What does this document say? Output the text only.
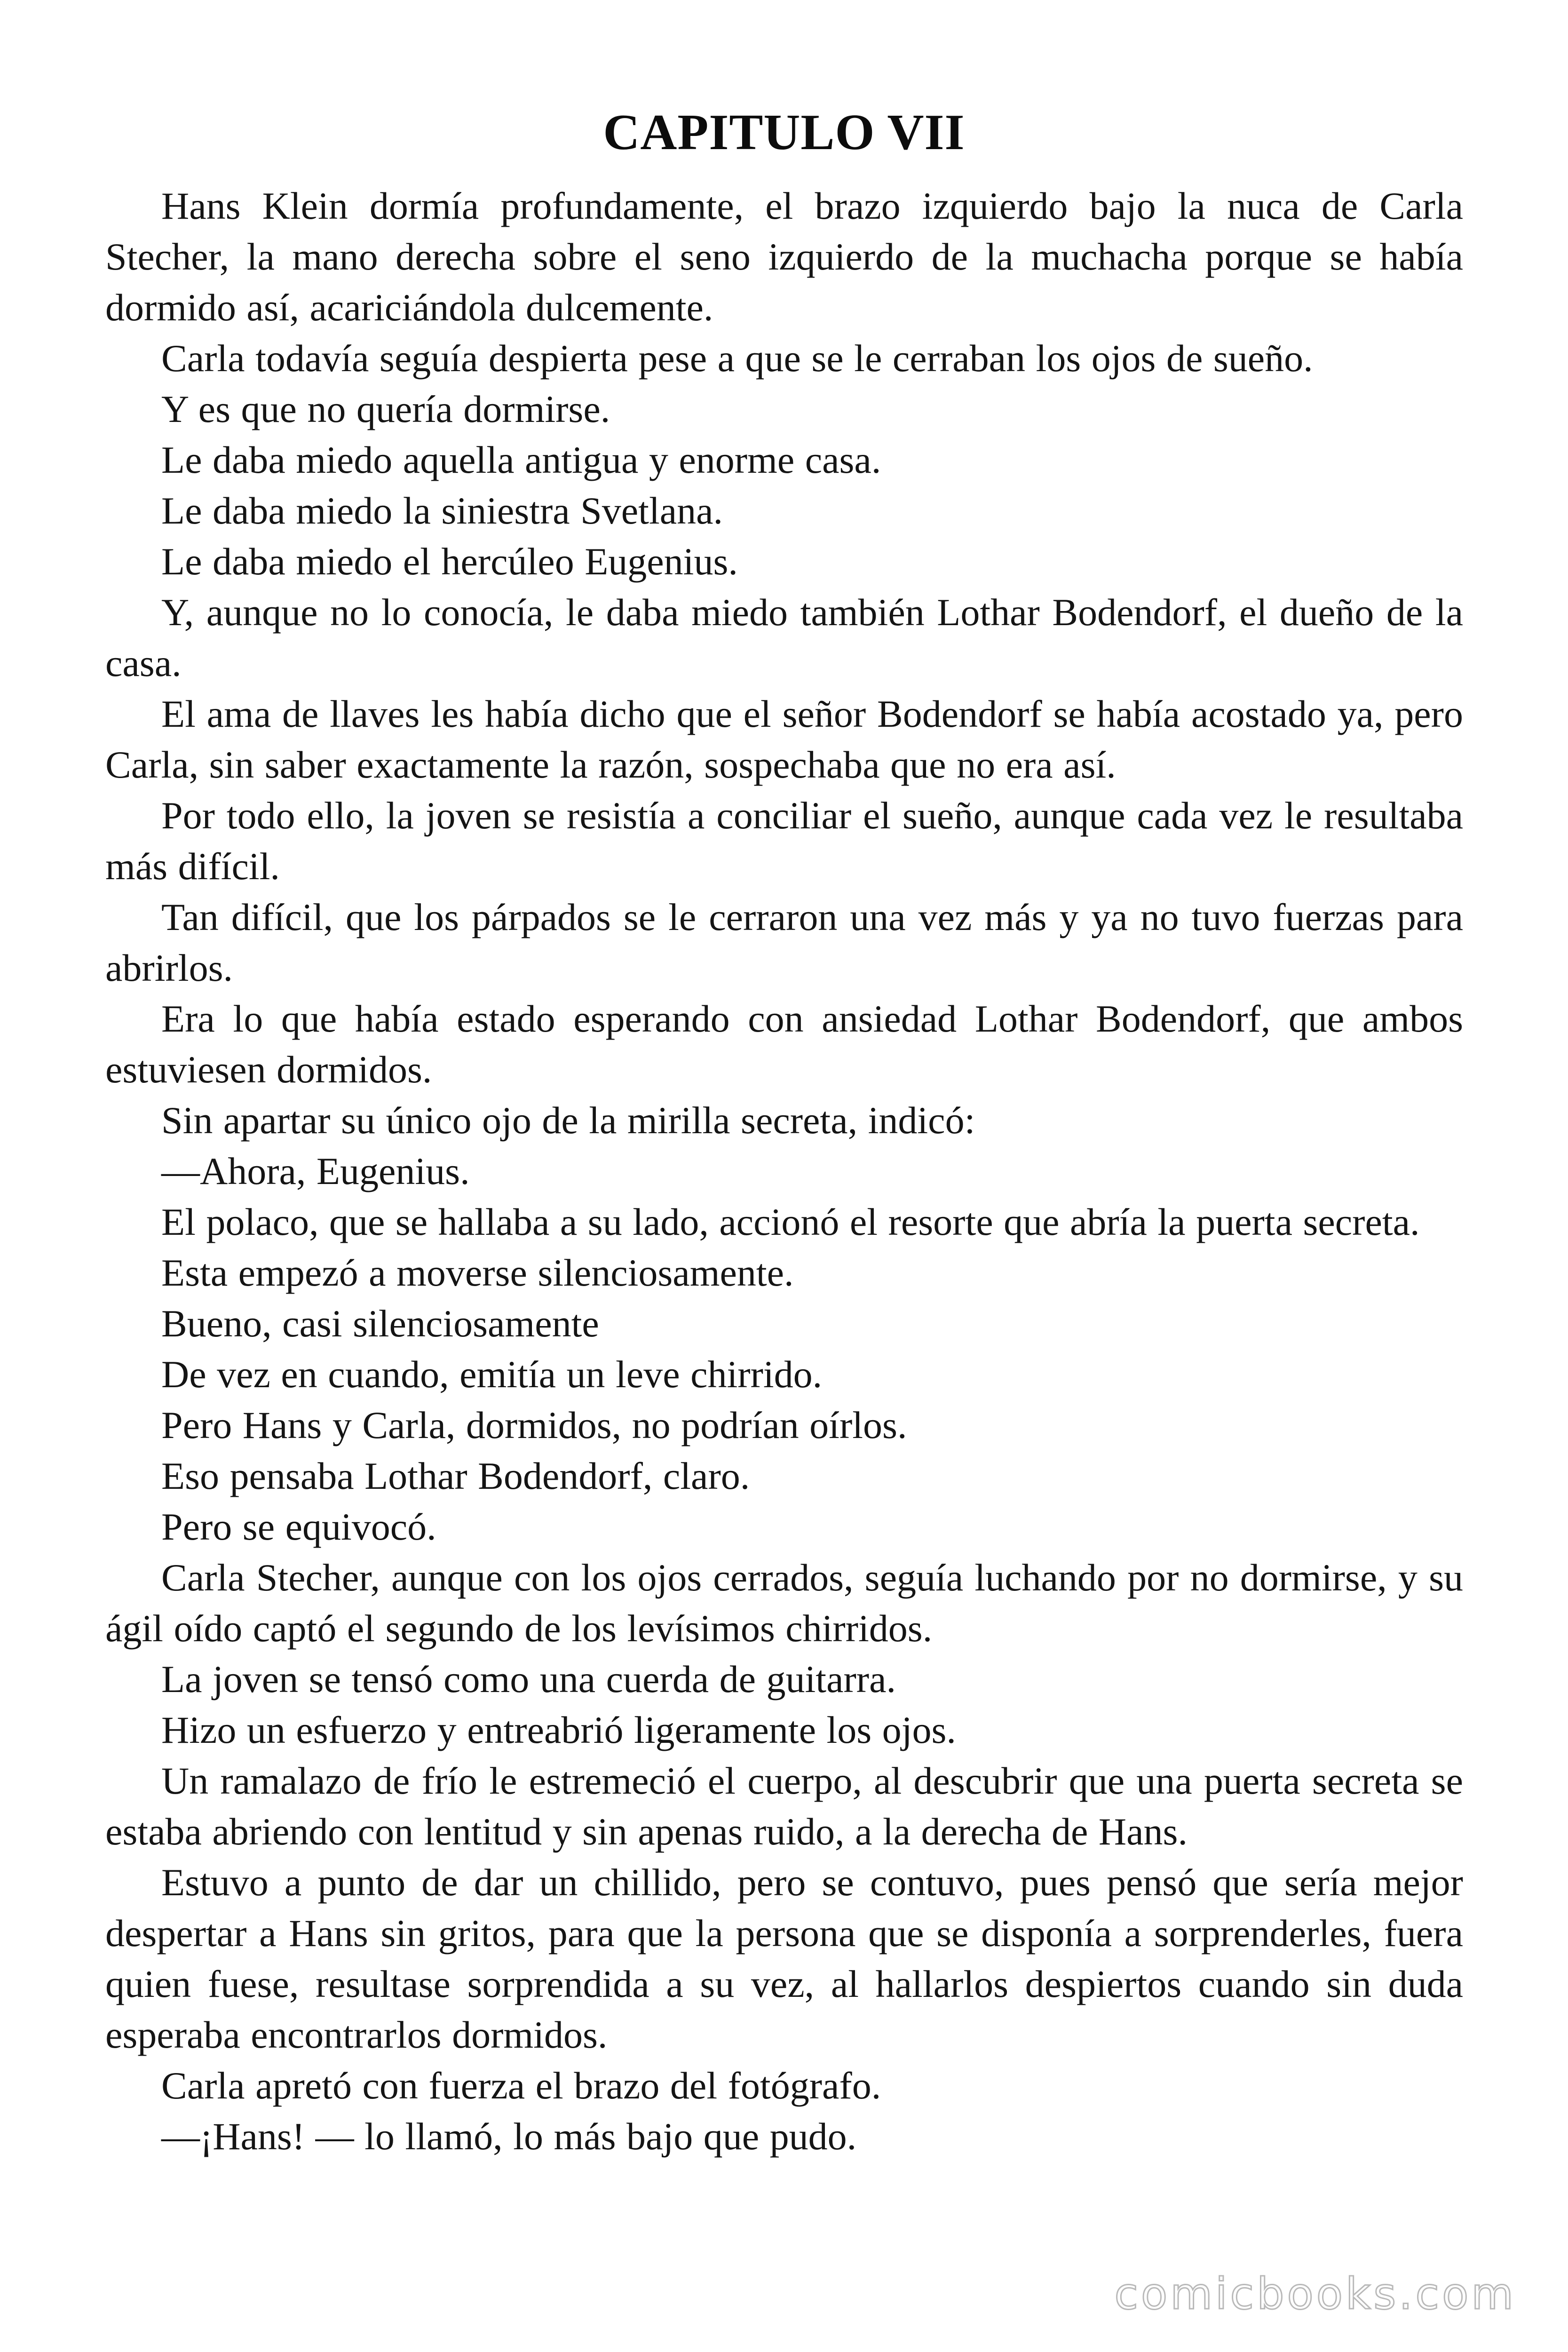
CAPITULO VII

Hans Klein dormía profundamente, el brazo izquierdo bajo la nuca de Carla Stecher, la mano derecha sobre el seno izquierdo de la muchacha porque se había dormido así, acariciándola dulcemente.

Carla todavía seguía despierta pese a que se le cerraban los ojos de sueño.

Y es que no quería dormirse.

Le daba miedo aquella antigua y enorme casa.

Le daba miedo la siniestra Svetlana.

Le daba miedo el hercúleo Eugenius.

Y, aunque no lo conocía, le daba miedo también Lothar Bodendorf, el dueño de la casa.

El ama de llaves les había dicho que el señor Bodendorf se había acostado ya, pero Carla, sin saber exactamente la razón, sospechaba que no era así.

Por todo ello, la joven se resistía a conciliar el sueño, aunque cada vez le resultaba más difícil.

Tan difícil, que los párpados se le cerraron una vez más y ya no tuvo fuerzas para abrirlos.

Era lo que había estado esperando con ansiedad Lothar Bodendorf, que ambos estuviesen dormidos.

Sin apartar su único ojo de la mirilla secreta, indicó:

—Ahora, Eugenius.

El polaco, que se hallaba a su lado, accionó el resorte que abría la puerta secreta.

Esta empezó a moverse silenciosamente.

Bueno, casi silenciosamente

De vez en cuando, emitía un leve chirrido.

Pero Hans y Carla, dormidos, no podrían oírlos.

Eso pensaba Lothar Bodendorf, claro.

Pero se equivocó.

Carla Stecher, aunque con los ojos cerrados, seguía luchando por no dormirse, y su ágil oído captó el segundo de los levísimos chirridos.

La joven se tensó como una cuerda de guitarra.

Hizo un esfuerzo y entreabrió ligeramente los ojos.

Un ramalazo de frío le estremeció el cuerpo, al descubrir que una puerta secreta se estaba abriendo con lentitud y sin apenas ruido, a la derecha de Hans.

Estuvo a punto de dar un chillido, pero se contuvo, pues pensó que sería mejor despertar a Hans sin gritos, para que la persona que se disponía a sorprenderles, fuera quien fuese, resultase sorprendida a su vez, al hallarlos despiertos cuando sin duda esperaba encontrarlos dormidos.

Carla apretó con fuerza el brazo del fotógrafo.

—¡Hans! — lo llamó, lo más bajo que pudo.

comicbooks.com
